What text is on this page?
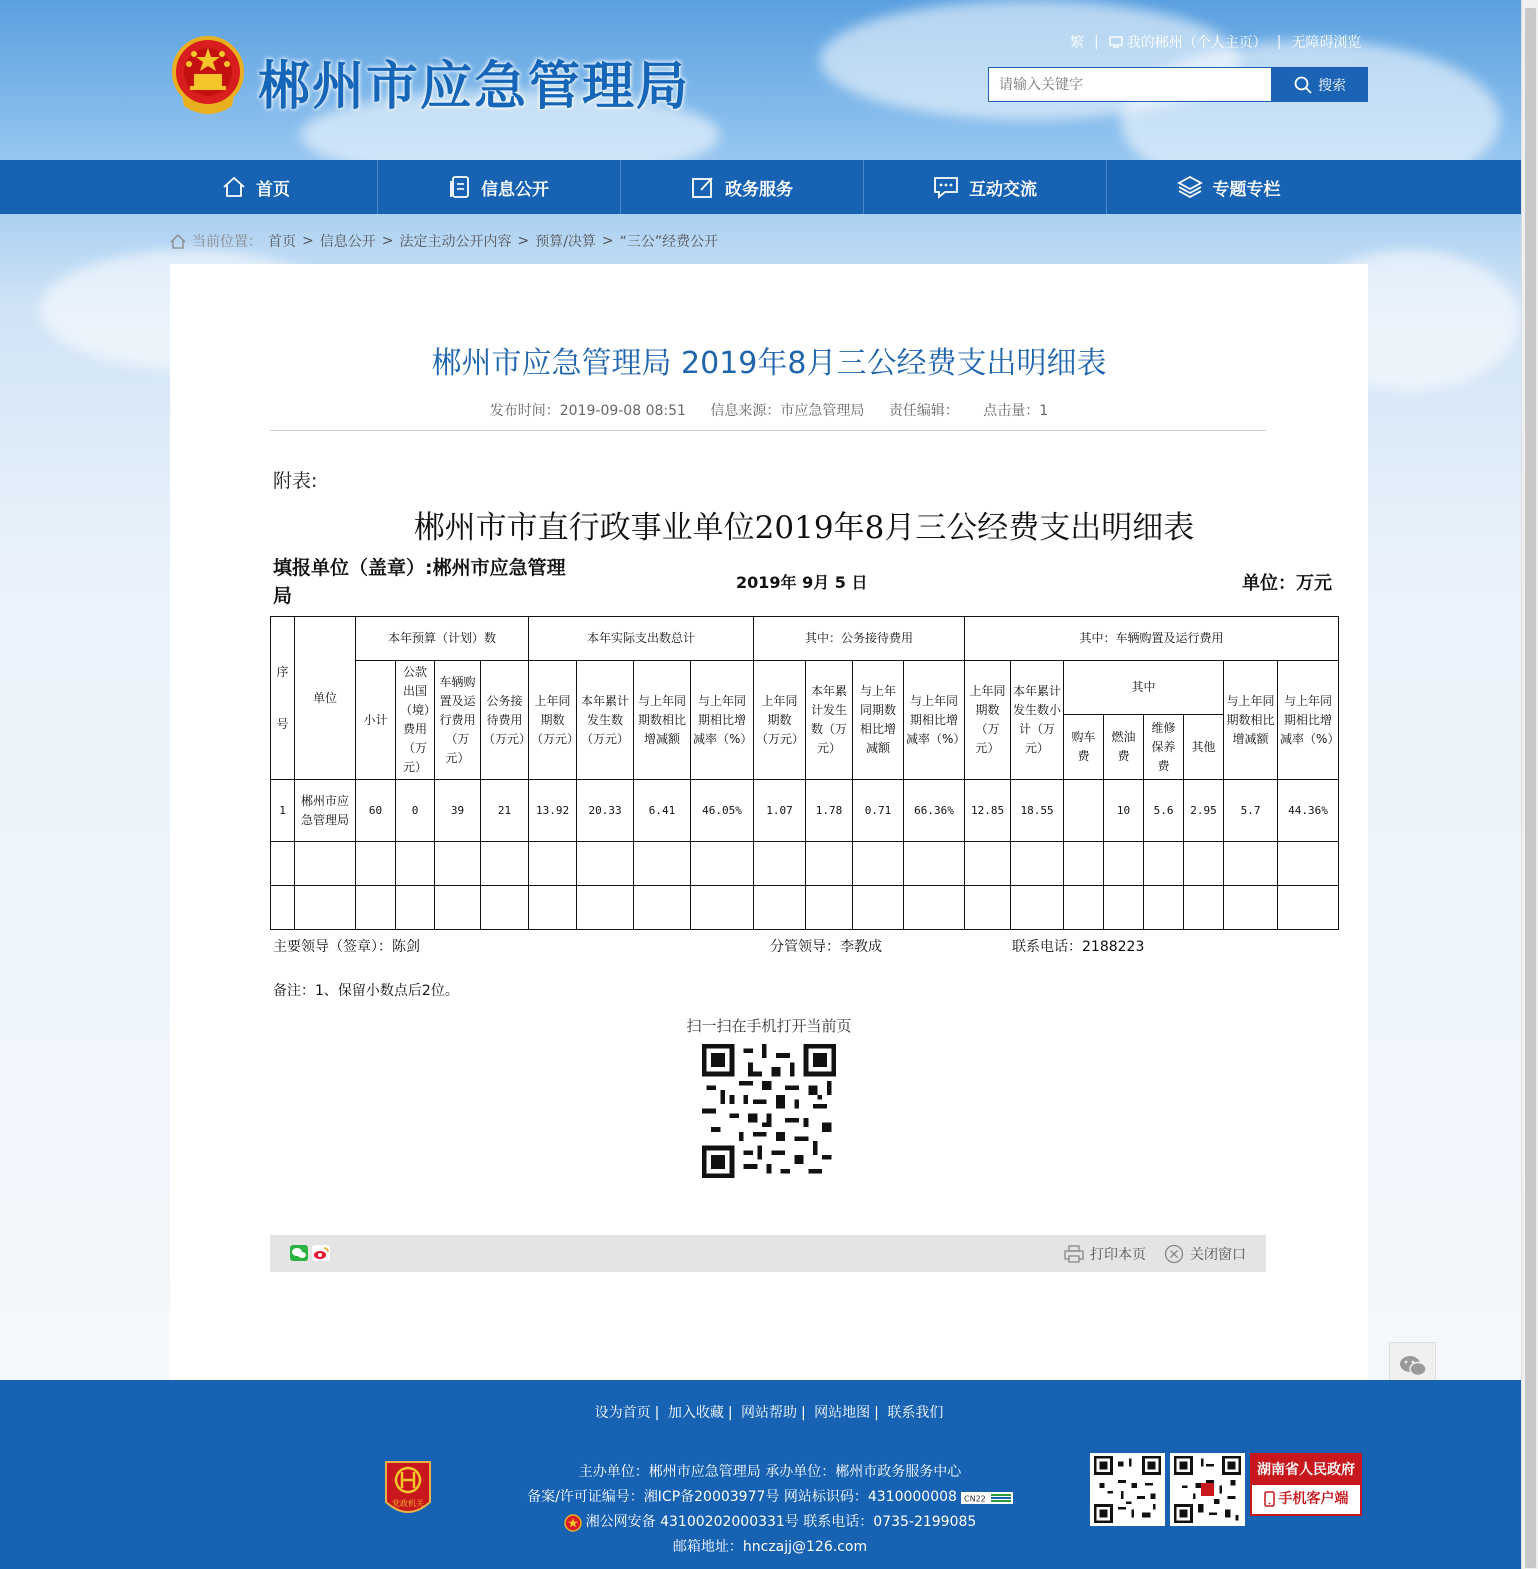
郴州市应急管理局
繁 | 我的郴州（个人主页） | 无障碍浏览
请输入关键字
搜索
首页	信息公开	政务服务	互动交流	专题专栏
当前位置： 首页 > 信息公开 > 法定主动公开内容 > 预算/决算 > “三公”经费公开
郴州市应急管理局 2019年8月三公经费支出明细表
发布时间：2019-09-08 08:51 信息来源：市应急管理局 责任编辑： 点击量：1
附表:
郴州市市直行政事业单位2019年8月三公经费支出明细表
填报单位（盖章）:郴州市应急管理局
2019年 9月 5 日	单位：万元
序号	单位	本年预算（计划）数				本年实际支出数总计				其中：公务接待费用				其中：车辆购置及运行费用							
		小计	公款出国（境）费用（万元）	车辆购置及运行费用（万元）	公务接待费用（万元）	上年同期数（万元）	本年累计发生数（万元）	与上年同期数相比增减额	与上年同期相比增减率（%）	上年同期数（万元）	本年累计发生数（万元）	与上年同期数相比增减额	与上年同期相比增减率（%）	上年同期数（万元）	本年累计发生数小计（万元）	其中				与上年同期数相比增减额	与上年同期相比增减率（%）
																购车费	燃油费	维修保养费	其他		
1	郴州市应急管理局	60	0	39	21	13.92	20.33	6.41	46.05%	1.07	1.78	0.71	66.36%	12.85	18.55		10	5.6	2.95	5.7	44.36%

主要领导（签章）：陈剑	分管领导：李教成	联系电话：2188223
备注：1、保留小数点后2位。
扫一扫在手机打开当前页
打印本页	关闭窗口
设为首页 | 加入收藏 | 网站帮助 | 网站地图 | 联系我们
党政机关
主办单位：郴州市应急管理局 承办单位：郴州市政务服务中心
备案/许可证编号：湘ICP备20003977号 网站标识码：4310000008 CN22
湘公网安备 43100202000331号 联系电话：0735-2199085
邮箱地址：hnczajj@126.com
湖南省人民政府
手机客户端
